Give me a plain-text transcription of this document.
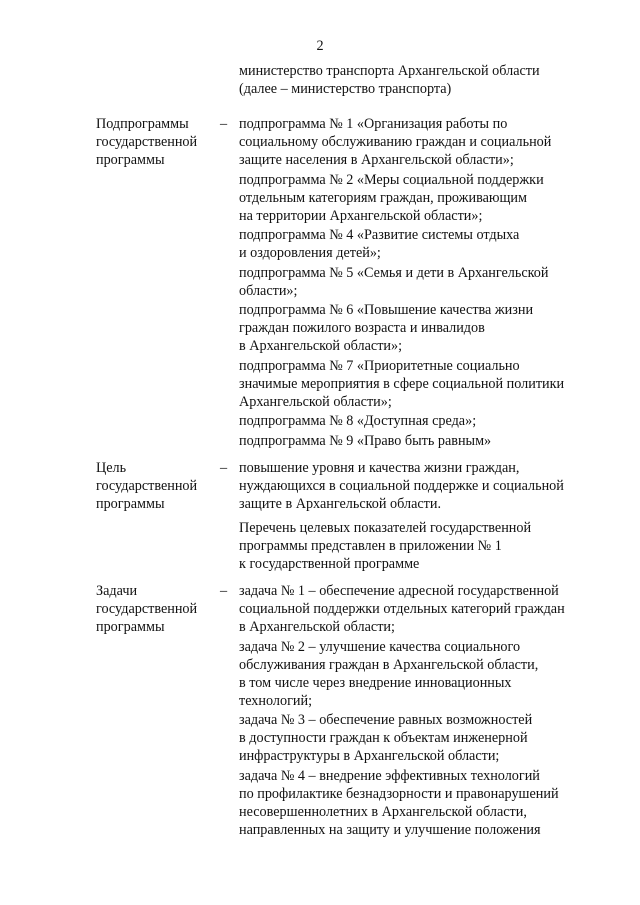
2
министерство транспорта Архангельской области
(далее – министерство транспорта)
Подпрограммы
государственной
программы
– подпрограмма № 1 «Организация работы по
социальному обслуживанию граждан и социальной
защите населения в Архангельской области»;
подпрограмма № 2 «Меры социальной поддержки
отдельным категориям граждан, проживающим
на территории Архангельской области»;
подпрограмма № 4 «Развитие системы отдыха
и оздоровления детей»;
подпрограмма № 5 «Семья и дети в Архангельской
области»;
подпрограмма № 6 «Повышение качества жизни
граждан пожилого возраста и инвалидов
в Архангельской области»;
подпрограмма № 7 «Приоритетные социально
значимые мероприятия в сфере социальной политики
Архангельской области»;
подпрограмма № 8 «Доступная среда»;
подпрограмма № 9 «Право быть равным»
Цель
государственной
программы
– повышение уровня и качества жизни граждан,
нуждающихся в социальной поддержке и социальной
защите в Архангельской области.
Перечень целевых показателей государственной
программы представлен в приложении № 1
к государственной программе
Задачи
государственной
программы
– задача № 1 – обеспечение адресной государственной
социальной поддержки отдельных категорий граждан
в Архангельской области;
задача № 2 – улучшение качества социального
обслуживания граждан в Архангельской области,
в том числе через внедрение инновационных
технологий;
задача № 3 – обеспечение равных возможностей
в доступности граждан к объектам инженерной
инфраструктуры в Архангельской области;
задача № 4 – внедрение эффективных технологий
по профилактике безнадзорности и правонарушений
несовершеннолетних в Архангельской области,
направленных на защиту и улучшение положения
